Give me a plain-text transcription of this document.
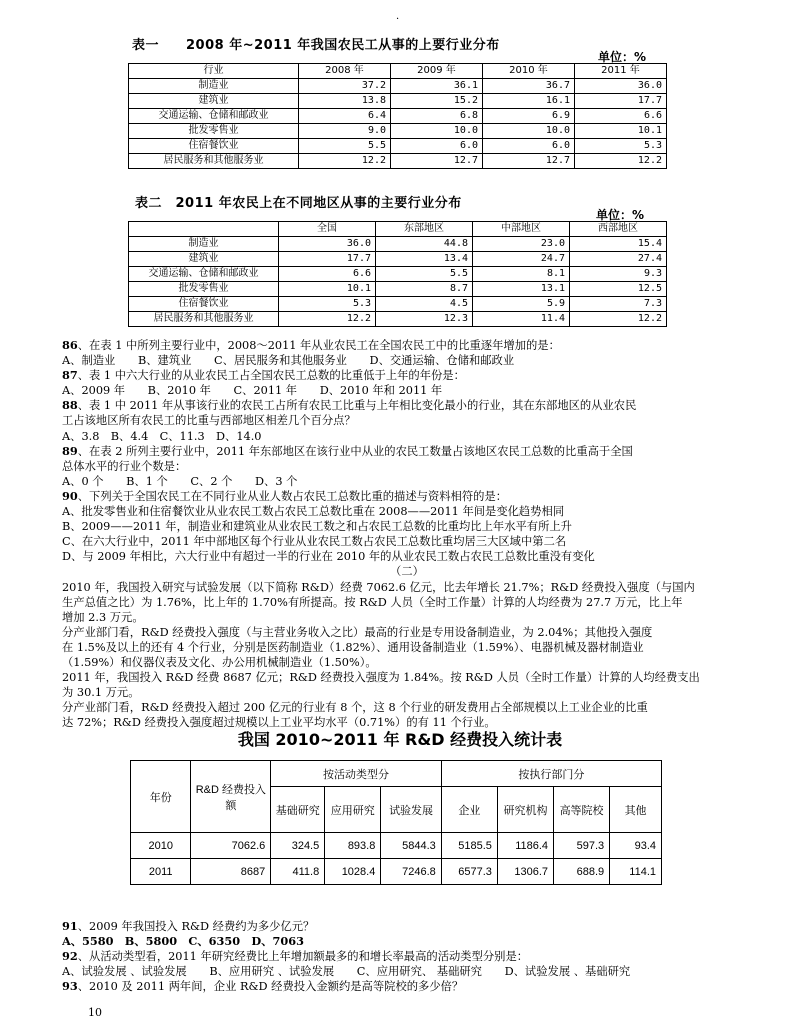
·
表一　　2008 年~2011 年我国农民工从事的上要行业分布
单位：%
行业	2008 年	2009 年	2010 年	2011 年
制造业	37.2	36.1	36.7	36.0
建筑业	13.8	15.2	16.1	17.7
交通运输、仓储和邮政业	6.4	6.8	6.9	6.6
批发零售业	9.0	10.0	10.0	10.1
住宿餐饮业	5.5	6.0	6.0	5.3
居民服务和其他服务业	12.2	12.7	12.7	12.2
表二　2011 年农民上在不同地区从事的主要行业分布
单位：%
	全国	东部地区	中部地区	西部地区
制造业	36.0	44.8	23.0	15.4
建筑业	17.7	13.4	24.7	27.4
交通运输、仓储和邮政业	6.6	5.5	8.1	9.3
批发零售业	10.1	8.7	13.1	12.5
住宿餐饮业	5.3	4.5	5.9	7.3
居民服务和其他服务业	12.2	12.3	11.4	12.2

86、在表 1 中所列主要行业中，2008～2011 年从业农民工在全国农民工中的比重逐年增加的是：

A、制造业　　B、建筑业　　C、居民服务和其他服务业　　D、交通运输、仓储和邮政业

87、表 1 中六大行业的从业农民工占全国农民工总数的比重低于上年的年份是：

A、2009 年　　B、2010 年　　C、2011 年　　D、2010 年和 2011 年

88、表 1 中 2011 年从事该行业的农民工占所有农民工比重与上年相比变化最小的行业，其在东部地区的从业农民

工占该地区所有农民工的比重与西部地区相差几个百分点？

A、3.8　B、4.4　C、11.3　D、14.0

89、在表 2 所列主要行业中，2011 年东部地区在该行业中从业的农民工数量占该地区农民工总数的比重高于全国

总体水平的行业个数是：

A、0 个　　B、1 个　　C、2 个　　D、3 个

90、下列关于全国农民工在不同行业从业人数占农民工总数比重的描述与资料相符的是：

A、批发零售业和住宿餐饮业从业农民工数占农民工总数比重在 2008——2011 年间是变化趋势相同

B、2009——2011 年，制造业和建筑业从业农民工数之和占农民工总数的比重均比上年水平有所上升

C、在六大行业中，2011 年中部地区每个行业从业农民工数占农民工总数比重均居三大区域中第二名

D、与 2009 年相比，六大行业中有超过一半的行业在 2010 年的从业农民工数占农民工总数比重没有变化

（二）

2010 年，我国投入研究与试验发展（以下简称 R&D）经费 7062.6 亿元，比去年增长 21.7%；R&D 经费投入强度（与国内

生产总值之比）为 1.76%，比上年的 1.70%有所提高。按 R&D 人员（全时工作量）计算的人均经费为 27.7 万元，比上年

增加 2.3 万元。

分产业部门看，R&D 经费投入强度（与主营业务收入之比）最高的行业是专用设备制造业，为 2.04%；其他投入强度

在 1.5%及以上的还有 4 个行业，分别是医药制造业（1.82%）、通用设备制造业（1.59%）、电器机械及器材制造业

（1.59%）和仪器仪表及文化、办公用机械制造业（1.50%）。

2011 年，我国投入 R&D 经费 8687 亿元；R&D 经费投入强度为 1.84%。按 R&D 人员（全时工作量）计算的人均经费支出

为 30.1 万元。

分产业部门看，R&D 经费投入超过 200 亿元的行业有 8 个，这 8 个行业的研发费用占全部规模以上工业企业的比重

达 72%；R&D 经费投入强度超过规模以上工业平均水平（0.71%）的有 11 个行业。

我国 2010~2011 年 R&D 经费投入统计表
年份	R&D 经费投入额	按活动类型分			按执行部门分			
		基础研究	应用研究	试验发展	企业	研究机构	高等院校	其他
2010	7062.6	324.5	893.8	5844.3	5185.5	1186.4	597.3	93.4
2011	8687	411.8	1028.4	7246.8	6577.3	1306.7	688.9	114.1

91、2009 年我国投入 R&D 经费约为多少亿元？

A、5580　B、5800　C、6350　D、7063

92、从活动类型看，2011 年研究经费比上年增加额最多的和增长率最高的活动类型分别是：

A、试验发展 、试验发展　　B、应用研究 、试验发展　　C、应用研究、 基础研究　　D、试验发展 、基础研究

93、2010 及 2011 两年间，企业 R&D 经费投入金额约是高等院校的多少倍？

10
